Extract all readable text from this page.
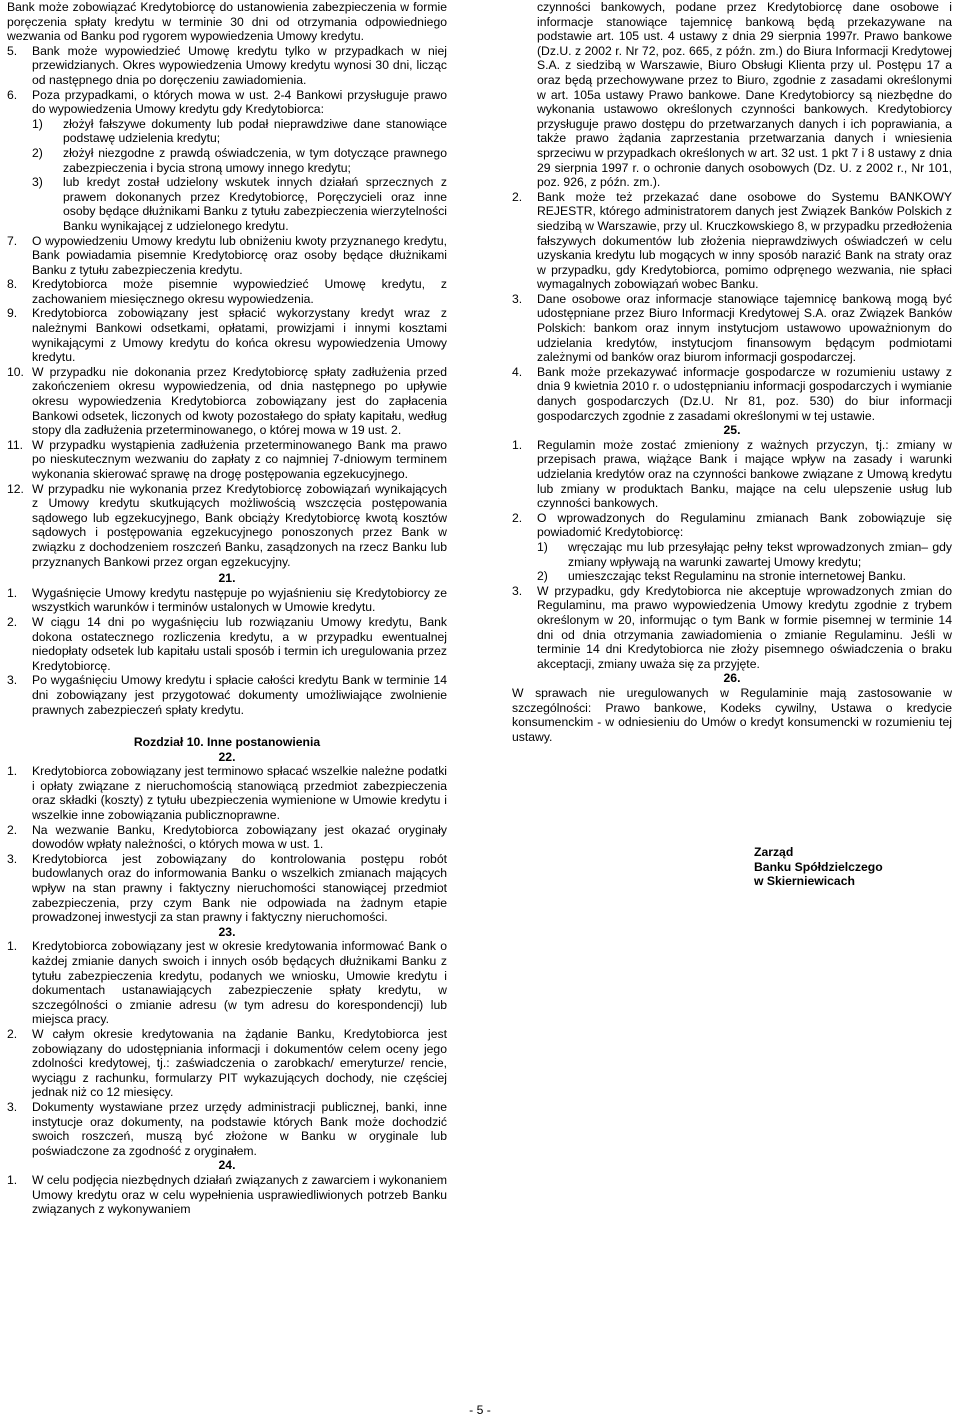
Bank może zobowiązać Kredytobiorcę do ustanowienia zabezpieczenia w formie poręczenia spłaty kredytu w terminie 30 dni od otrzymania odpowiedniego wezwania od Banku pod rygorem wypowiedzenia Umowy kredytu.

5. Bank może wypowiedzieć Umowę kredytu tylko w przypadkach w niej przewidzianych. Okres wypowiedzenia Umowy kredytu wynosi 30 dni, licząc od następnego dnia po doręczeniu zawiadomienia.
6. Poza przypadkami, o których mowa w ust. 2-4 Bankowi przysługuje prawo do wypowiedzenia Umowy kredytu gdy Kredytobiorca:
1) złożył fałszywe dokumenty lub podał nieprawdziwe dane stanowiące podstawę udzielenia kredytu;
2) złożył niezgodne z prawdą oświadczenia, w tym dotyczące prawnego zabezpieczenia i bycia stroną umowy innego kredytu;
3) lub kredyt został udzielony wskutek innych działań sprzecznych z prawem dokonanych przez Kredytobiorcę, Poręczycieli oraz inne osoby będące dłużnikami Banku z tytułu zabezpieczenia wierzytelności Banku wynikającej z udzielonego kredytu.
7. O wypowiedzeniu Umowy kredytu lub obniżeniu kwoty przyznanego kredytu, Bank powiadamia pisemnie Kredytobiorcę oraz osoby będące dłużnikami Banku z tytułu zabezpieczenia kredytu.
8. Kredytobiorca może pisemnie wypowiedzieć Umowę kredytu, z zachowaniem miesięcznego okresu wypowiedzenia.
9. Kredytobiorca zobowiązany jest spłacić wykorzystany kredyt wraz z należnymi Bankowi odsetkami, opłatami, prowizjami i innymi kosztami wynikającymi z Umowy kredytu do końca okresu wypowiedzenia Umowy kredytu.
10. W przypadku nie dokonania przez Kredytobiorcę spłaty zadłużenia przed zakończeniem okresu wypowiedzenia, od dnia następnego po upływie okresu wypowiedzenia Kredytobiorca zobowiązany jest do zapłacenia Bankowi odsetek, liczonych od kwoty pozostałego do spłaty kapitału, według stopy dla zadłużenia przeterminowanego, o której mowa w 19 ust. 2.
11. W przypadku wystąpienia zadłużenia przeterminowanego Bank ma prawo po nieskutecznym wezwaniu do zapłaty z co najmniej 7-dniowym terminem wykonania skierować sprawę na drogę postępowania egzekucyjnego.
12. W przypadku nie wykonania przez Kredytobiorcę zobowiązań wynikających z Umowy kredytu skutkujących możliwością wszczęcia postępowania sądowego lub egzekucyjnego, Bank obciąży Kredytobiorcę kwotą kosztów sądowych i postępowania egzekucyjnego ponoszonych przez Bank w związku z dochodzeniem roszczeń Banku, zasądzonych na rzecz Banku lub przyznanych Bankowi przez organ egzekucyjny.

21.

1. Wygaśnięcie Umowy kredytu następuje po wyjaśnieniu się Kredytobiorcy ze wszystkich warunków i terminów ustalonych w Umowie kredytu.
2. W ciągu 14 dni po wygaśnięciu lub rozwiązaniu Umowy kredytu, Bank dokona ostatecznego rozliczenia kredytu, a w przypadku ewentualnej niedopłaty odsetek lub kapitału ustali sposób i termin ich uregulowania przez Kredytobiorcę.
3. Po wygaśnięciu Umowy kredytu i spłacie całości kredytu Bank w terminie 14 dni zobowiązany jest przygotować dokumenty umożliwiające zwolnienie prawnych zabezpieczeń spłaty kredytu.

Rozdział 10. Inne postanowienia

22.

1. Kredytobiorca zobowiązany jest terminowo spłacać wszelkie należne podatki i opłaty związane z nieruchomością stanowiącą przedmiot zabezpieczenia oraz składki (koszty) z tytułu ubezpieczenia wymienione w Umowie kredytu i wszelkie inne zobowiązania publicznoprawne.
2. Na wezwanie Banku, Kredytobiorca zobowiązany jest okazać oryginały dowodów wpłaty należności, o których mowa w ust. 1.
3. Kredytobiorca jest zobowiązany do kontrolowania postępu robót budowlanych oraz do informowania Banku o wszelkich zmianach mających wpływ na stan prawny i faktyczny nieruchomości stanowiącej przedmiot zabezpieczenia, przy czym Bank nie odpowiada na żadnym etapie prowadzonej inwestycji za stan prawny i faktyczny nieruchomości.

23.

1. Kredytobiorca zobowiązany jest w okresie kredytowania informować Bank o każdej zmianie danych swoich i innych osób będących dłużnikami Banku z tytułu zabezpieczenia kredytu, podanych we wniosku, Umowie kredytu i dokumentach ustanawiających zabezpieczenie spłaty kredytu, w szczególności o zmianie adresu (w tym adresu do korespondencji) lub miejsca pracy.
2. W całym okresie kredytowania na żądanie Banku, Kredytobiorca jest zobowiązany do udostępniania informacji i dokumentów celem oceny jego zdolności kredytowej, tj.: zaświadczenia o zarobkach/ emeryturze/ rencie, wyciągu z rachunku, formularzy PIT wykazujących dochody, nie częściej jednak niż co 12 miesięcy.
3. Dokumenty wystawiane przez urzędy administracji publicznej, banki, inne instytucje oraz dokumenty, na podstawie których Bank może dochodzić swoich roszczeń, muszą być złożone w Banku w oryginale lub poświadczone za zgodność z oryginałem.

24.

1. W celu podjęcia niezbędnych działań związanych z zawarciem i wykonaniem Umowy kredytu oraz w celu wypełnienia usprawiedliwionych potrzeb Banku związanych z wykonywaniem

czynności bankowych, podane przez Kredytobiorcę dane osobowe i informacje stanowiące tajemnicę bankową będą przekazywane na podstawie art. 105 ust. 4 ustawy z dnia 29 sierpnia 1997r. Prawo bankowe (Dz.U. z 2002 r. Nr 72, poz. 665, z późn. zm.) do Biura Informacji Kredytowej S.A. z siedzibą w Warszawie, Biuro Obsługi Klienta przy ul. Postępu 17 a oraz będą przechowywane przez to Biuro, zgodnie z zasadami określonymi w art. 105a ustawy Prawo bankowe. Dane Kredytobiorcy są niezbędne do wykonania ustawowo określonych czynności bankowych. Kredytobiorcy przysługuje prawo dostępu do przetwarzanych danych i ich poprawiania, a także prawo żądania zaprzestania przetwarzania danych i wniesienia sprzeciwu w przypadkach określonych w art. 32 ust. 1 pkt 7 i 8 ustawy z dnia 29 sierpnia 1997 r. o ochronie danych osobowych (Dz. U. z 2002 r., Nr 101, poz. 926, z późn. zm.).

2. Bank może też przekazać dane osobowe do Systemu BANKOWY REJESTR, którego administratorem danych jest Związek Banków Polskich z siedzibą w Warszawie, przy ul. Kruczkowskiego 8, w przypadku przedłożenia fałszywych dokumentów lub złożenia nieprawdziwych oświadczeń w celu uzyskania kredytu lub mogących w inny sposób narazić Bank na straty oraz w przypadku, gdy Kredytobiorca, pomimo odpręnego wezwania, nie spłaci wymagalnych zobowiązań wobec Banku.
3. Dane osobowe oraz informacje stanowiące tajemnicę bankową mogą być udostępniane przez Biuro Informacji Kredytowej S.A. oraz Związek Banków Polskich: bankom oraz innym instytucjom ustawowo upoważnionym do udzielania kredytów, instytucjom finansowym będącym podmiotami zależnymi od banków oraz biurom informacji gospodarczej.
4. Bank może przekazywać informacje gospodarcze w rozumieniu ustawy z dnia 9 kwietnia 2010 r. o udostępnianiu informacji gospodarczych i wymianie danych gospodarczych (Dz.U. Nr 81, poz. 530) do biur informacji gospodarczych zgodnie z zasadami określonymi w tej ustawie.

25.

1. Regulamin może zostać zmieniony z ważnych przyczyn, tj.: zmiany w przepisach prawa, wiążące Bank i mające wpływ na zasady i warunki udzielania kredytów oraz na czynności bankowe związane z Umową kredytu lub zmiany w produktach Banku, mające na celu ulepszenie usług lub czynności bankowych.
2. O wprowadzonych do Regulaminu zmianach Bank zobowiązuje się powiadomić Kredytobiorcę:
1) wręczając mu lub przesyłając pełny tekst wprowadzonych zmian– gdy zmiany wpływają na warunki zawartej Umowy kredytu;
2) umieszczając tekst Regulaminu na stronie internetowej Banku.
3. W przypadku, gdy Kredytobiorca nie akceptuje wprowadzonych zmian do Regulaminu, ma prawo wypowiedzenia Umowy kredytu zgodnie z trybem określonym w 20, informując o tym Bank w formie pisemnej w terminie 14 dni od dnia otrzymania zawiadomienia o zmianie Regulaminu. Jeśli w terminie 14 dni Kredytobiorca nie złoży pisemnego oświadczenia o braku akceptacji, zmiany uważa się za przyjęte.

26.

W sprawach nie uregulowanych w Regulaminie mają zastosowanie w szczególności: Prawo bankowe, Kodeks cywilny, Ustawa o kredycie konsumenckim - w odniesieniu do Umów o kredyt konsumencki w rozumieniu tej ustawy.

Zarząd
Banku Spółdzielczego
w Skierniewicach
- 5 -
